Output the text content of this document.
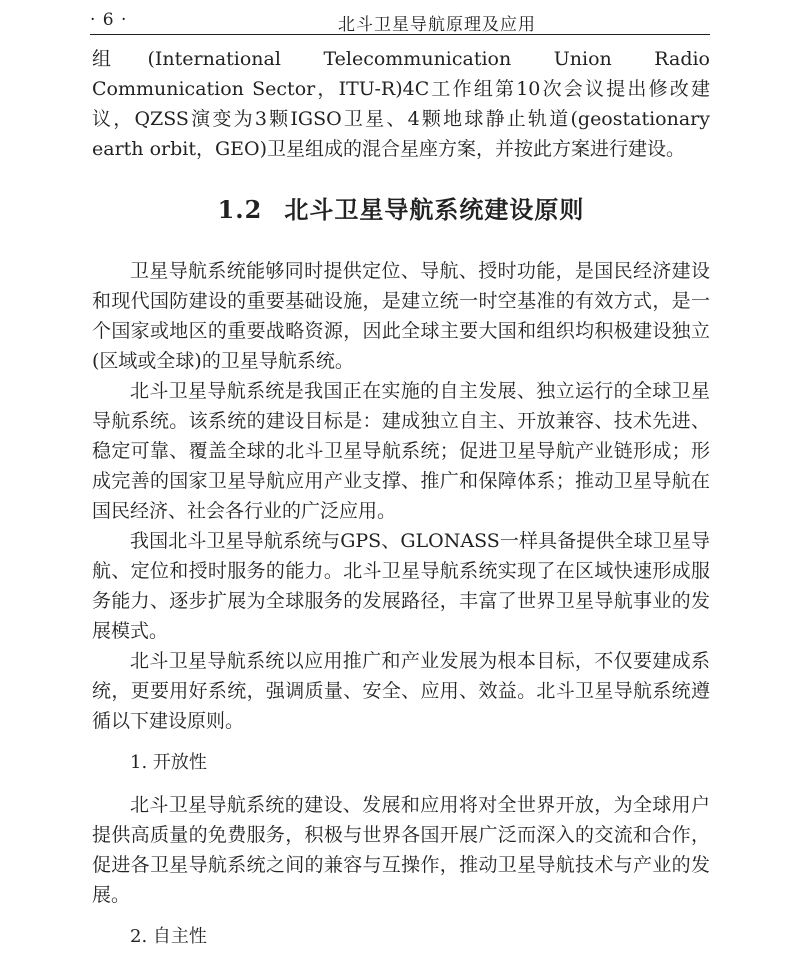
· 6 ·	北斗卫星导航原理及应用

组(International Telecommunication Union Radio Communication Sector，ITU-R)4C工作组第10次会议提出修改建议，QZSS演变为3颗IGSO卫星、4颗地球静止轨道(geostationary earth orbit，GEO)卫星组成的混合星座方案，并按此方案进行建设。

1.2 北斗卫星导航系统建设原则

卫星导航系统能够同时提供定位、导航、授时功能，是国民经济建设和现代国防建设的重要基础设施，是建立统一时空基准的有效方式，是一个国家或地区的重要战略资源，因此全球主要大国和组织均积极建设独立(区域或全球)的卫星导航系统。

北斗卫星导航系统是我国正在实施的自主发展、独立运行的全球卫星导航系统。该系统的建设目标是：建成独立自主、开放兼容、技术先进、稳定可靠、覆盖全球的北斗卫星导航系统；促进卫星导航产业链形成；形成完善的国家卫星导航应用产业支撑、推广和保障体系；推动卫星导航在国民经济、社会各行业的广泛应用。

我国北斗卫星导航系统与GPS、GLONASS一样具备提供全球卫星导航、定位和授时服务的能力。北斗卫星导航系统实现了在区域快速形成服务能力、逐步扩展为全球服务的发展路径，丰富了世界卫星导航事业的发展模式。

北斗卫星导航系统以应用推广和产业发展为根本目标，不仅要建成系统，更要用好系统，强调质量、安全、应用、效益。北斗卫星导航系统遵循以下建设原则。

1. 开放性

北斗卫星导航系统的建设、发展和应用将对全世界开放，为全球用户提供高质量的免费服务，积极与世界各国开展广泛而深入的交流和合作，促进各卫星导航系统之间的兼容与互操作，推动卫星导航技术与产业的发展。

2. 自主性
